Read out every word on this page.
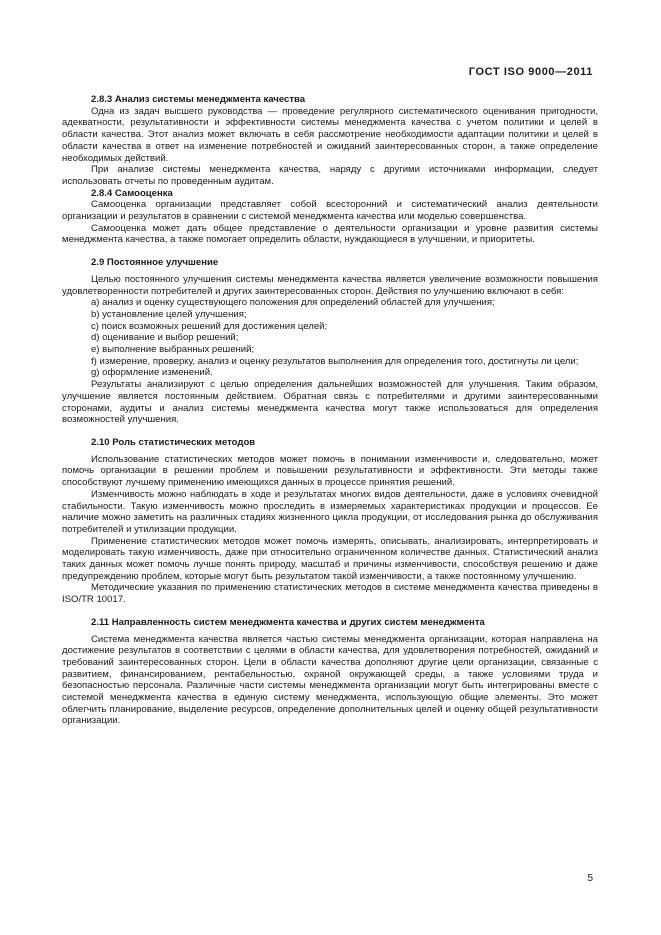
ГОСТ ISO 9000—2011
2.8.3 Анализ системы менеджмента качества

Одна из задач высшего руководства — проведение регулярного систематического оценивания пригодности, адекватности, результативности и эффективности системы менеджмента качества с учетом политики и целей в области качества. Этот анализ может включать в себя рассмотрение необходимости адаптации политики и целей в области качества в ответ на изменение потребностей и ожиданий заинтересованных сторон, а также определение необходимых действий.

При анализе системы менеджмента качества, наряду с другими источниками информации, следует использовать отчеты по проведенным аудитам.

2.8.4 Самооценка

Самооценка организации представляет собой всесторонний и систематический анализ деятельности организации и результатов в сравнении с системой менеджмента качества или моделью совершенства.

Самооценка может дать общее представление о деятельности организации и уровне развития системы менеджмента качества, а также помогает определить области, нуждающиеся в улучшении, и приоритеты.

2.9 Постоянное улучшение

Целью постоянного улучшения системы менеджмента качества является увеличение возможности повышения удовлетворенности потребителей и других заинтересованных сторон. Действия по улучшению включают в себя:

a) анализ и оценку существующего положения для определений областей для улучшения;

b) установление целей улучшения;

c) поиск возможных решений для достижения целей;

d) оценивание и выбор решений;

e) выполнение выбранных решений;

f) измерение, проверку, анализ и оценку результатов выполнения для определения того, достигнуты ли цели;

g) оформление изменений.

Результаты анализируют с целью определения дальнейших возможностей для улучшения. Таким образом, улучшение является постоянным действием. Обратная связь с потребителями и другими заинтересованными сторонами, аудиты и анализ системы менеджмента качества могут также использоваться для определения возможностей улучшения.

2.10 Роль статистических методов

Использование статистических методов может помочь в понимании изменчивости и, следовательно, может помочь организации в решении проблем и повышении результативности и эффективности. Эти методы также способствуют лучшему применению имеющихся данных в процессе принятия решений.

Изменчивость можно наблюдать в ходе и результатах многих видов деятельности, даже в условиях очевидной стабильности. Такую изменчивость можно проследить в измеряемых характеристиках продукции и процессов. Ее наличие можно заметить на различных стадиях жизненного цикла продукции, от исследования рынка до обслуживания потребителей и утилизации продукции.

Применение статистических методов может помочь измерять, описывать, анализировать, интерпретировать и моделировать такую изменчивость, даже при относительно ограниченном количестве данных. Статистический анализ таких данных может помочь лучше понять природу, масштаб и причины изменчивости, способствуя решению и даже предупреждению проблем, которые могут быть результатом такой изменчивости, а также постоянному улучшению.

Методические указания по применению статистических методов в системе менеджмента качества приведены в ISO/TR 10017.

2.11 Направленность систем менеджмента качества и других систем менеджмента

Система менеджмента качества является частью системы менеджмента организации, которая направлена на достижение результатов в соответствии с целями в области качества, для удовлетворения потребностей, ожиданий и требований заинтересованных сторон. Цели в области качества дополняют другие цели организации, связанные с развитием, финансированием, рентабельностью, охраной окружающей среды, а также условиями труда и безопасностью персонала. Различные части системы менеджмента организации могут быть интегрированы вместе с системой менеджмента качества в единую систему менеджмента, использующую общие элементы. Это может облегчить планирование, выделение ресурсов, определение дополнительных целей и оценку общей результативности организации.

5
